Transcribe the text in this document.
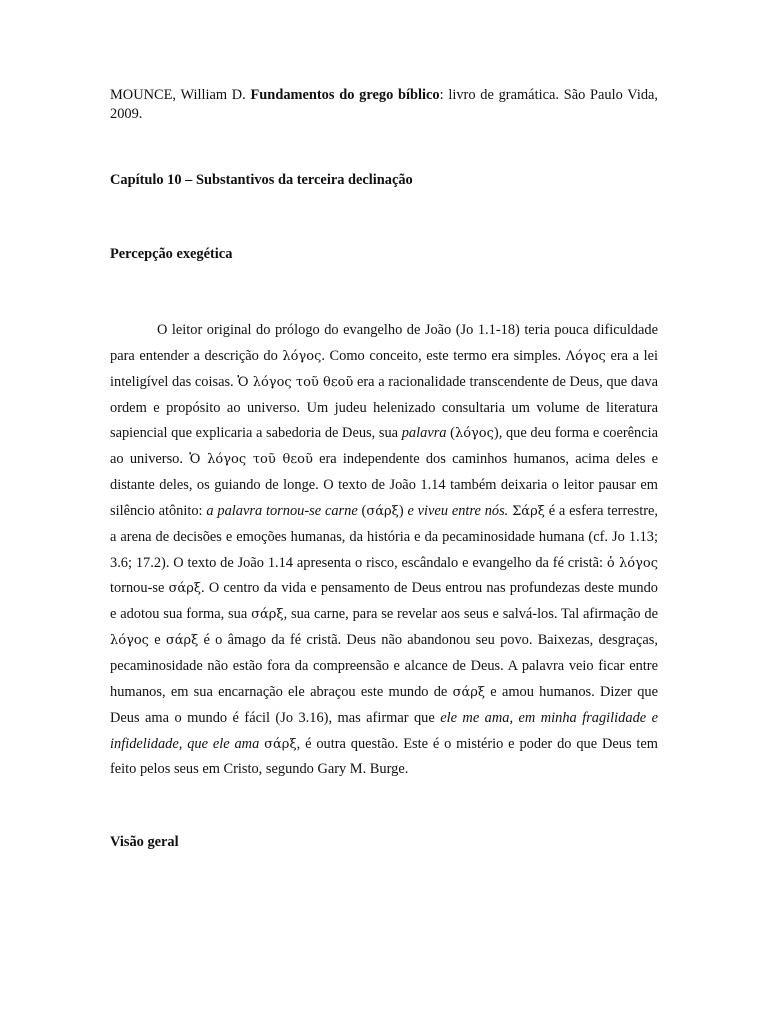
MOUNCE, William D. Fundamentos do grego bíblico: livro de gramática. São Paulo Vida, 2009.
Capítulo 10 – Substantivos da terceira declinação
Percepção exegética

O leitor original do prólogo do evangelho de João (Jo 1.1-18) teria pouca dificuldade para entender a descrição do λόγος. Como conceito, este termo era simples. Λόγος era a lei inteligível das coisas. Ὁ λόγος τοῦ θεοῦ era a racionalidade transcendente de Deus, que dava ordem e propósito ao universo. Um judeu helenizado consultaria um volume de literatura sapiencial que explicaria a sabedoria de Deus, sua palavra (λόγος), que deu forma e coerência ao universo. Ὁ λόγος τοῦ θεοῦ era independente dos caminhos humanos, acima deles e distante deles, os guiando de longe. O texto de João 1.14 também deixaria o leitor pausar em silêncio atônito: a palavra tornou-se carne (σάρξ) e viveu entre nós. Σάρξ é a esfera terrestre, a arena de decisões e emoções humanas, da história e da pecaminosidade humana (cf. Jo 1.13; 3.6; 17.2). O texto de João 1.14 apresenta o risco, escândalo e evangelho da fé cristã: ὁ λόγος tornou-se σάρξ. O centro da vida e pensamento de Deus entrou nas profundezas deste mundo e adotou sua forma, sua σάρξ, sua carne, para se revelar aos seus e salvá-los. Tal afirmação de λόγος e σάρξ é o âmago da fé cristã. Deus não abandonou seu povo. Baixezas, desgraças, pecaminosidade não estão fora da compreensão e alcance de Deus. A palavra veio ficar entre humanos, em sua encarnação ele abraçou este mundo de σάρξ e amou humanos. Dizer que Deus ama o mundo é fácil (Jo 3.16), mas afirmar que ele me ama, em minha fragilidade e infidelidade, que ele ama σάρξ, é outra questão. Este é o mistério e poder do que Deus tem feito pelos seus em Cristo, segundo Gary M. Burge.

Visão geral
